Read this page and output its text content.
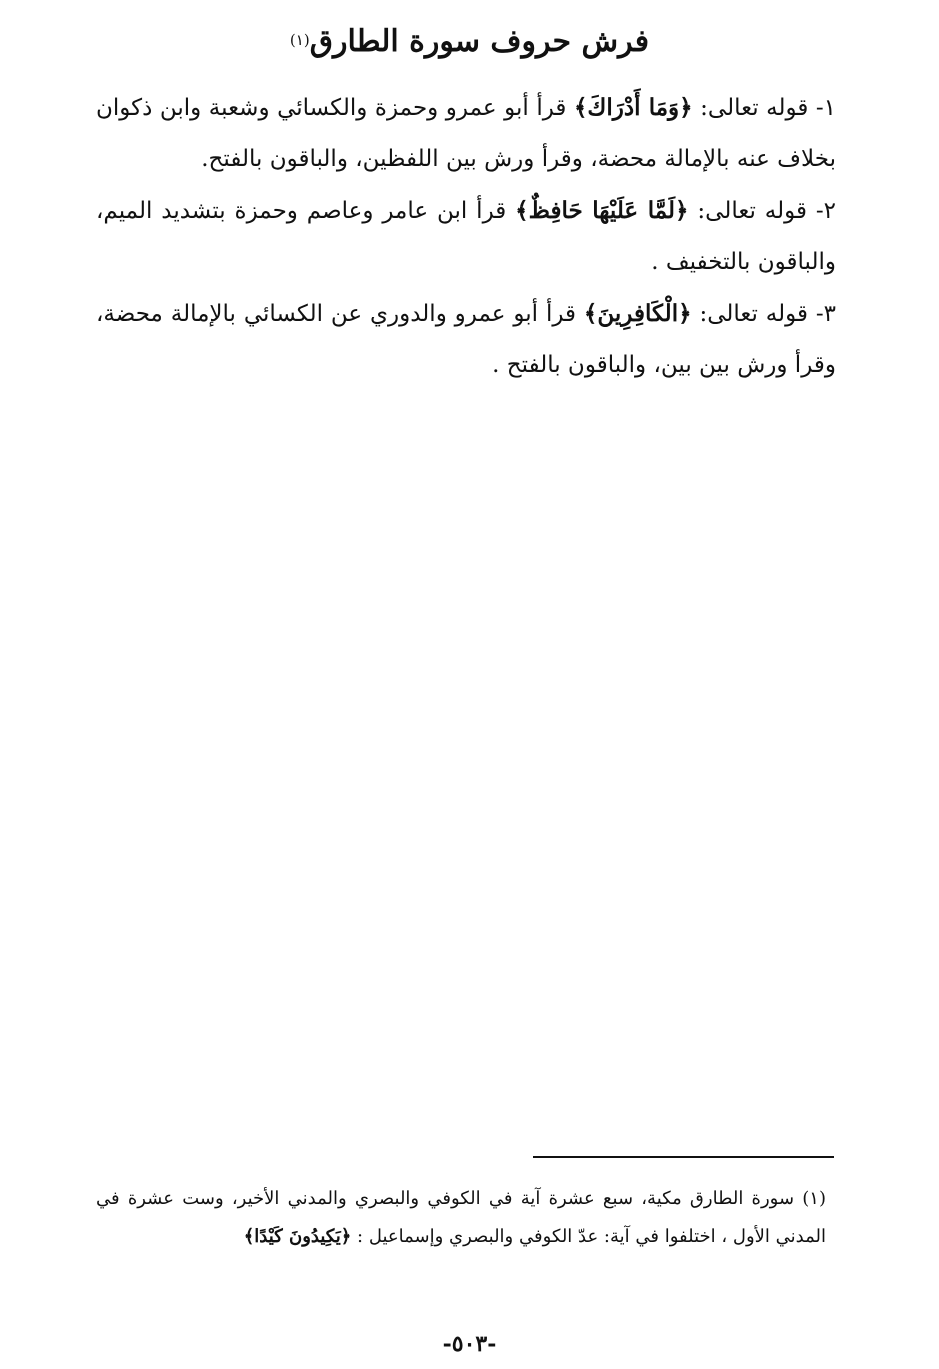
فرش حروف سورة الطارق$^{(١)}$

١- قوله تعالى: ﴿وَمَا أَدْرَاكَ﴾ قرأ أبو عمرو وحمزة والكسائي وشعبة وابن ذكوان بخلاف عنه بالإمالة محضة، وقرأ ورش بين اللفظين، والباقون بالفتح.

٢- قوله تعالى: ﴿لَمَّا عَلَيْهَا حَافِظٌ﴾ قرأ ابن عامر وعاصم وحمزة بتشديد الميم، والباقون بالتخفيف .

٣- قوله تعالى: ﴿الْكَافِرِينَ﴾ قرأ أبو عمرو والدوري عن الكسائي بالإمالة محضة، وقرأ ورش بين بين، والباقون بالفتح .

(١) سورة الطارق مكية، سبع عشرة آية في الكوفي والبصري والمدني الأخير، وست عشرة في المدني الأول ، اختلفوا في آية: عدّ الكوفي والبصري وإسماعيل : ﴿يَكِيدُونَ كَيْدًا﴾
-٥٠٣-
